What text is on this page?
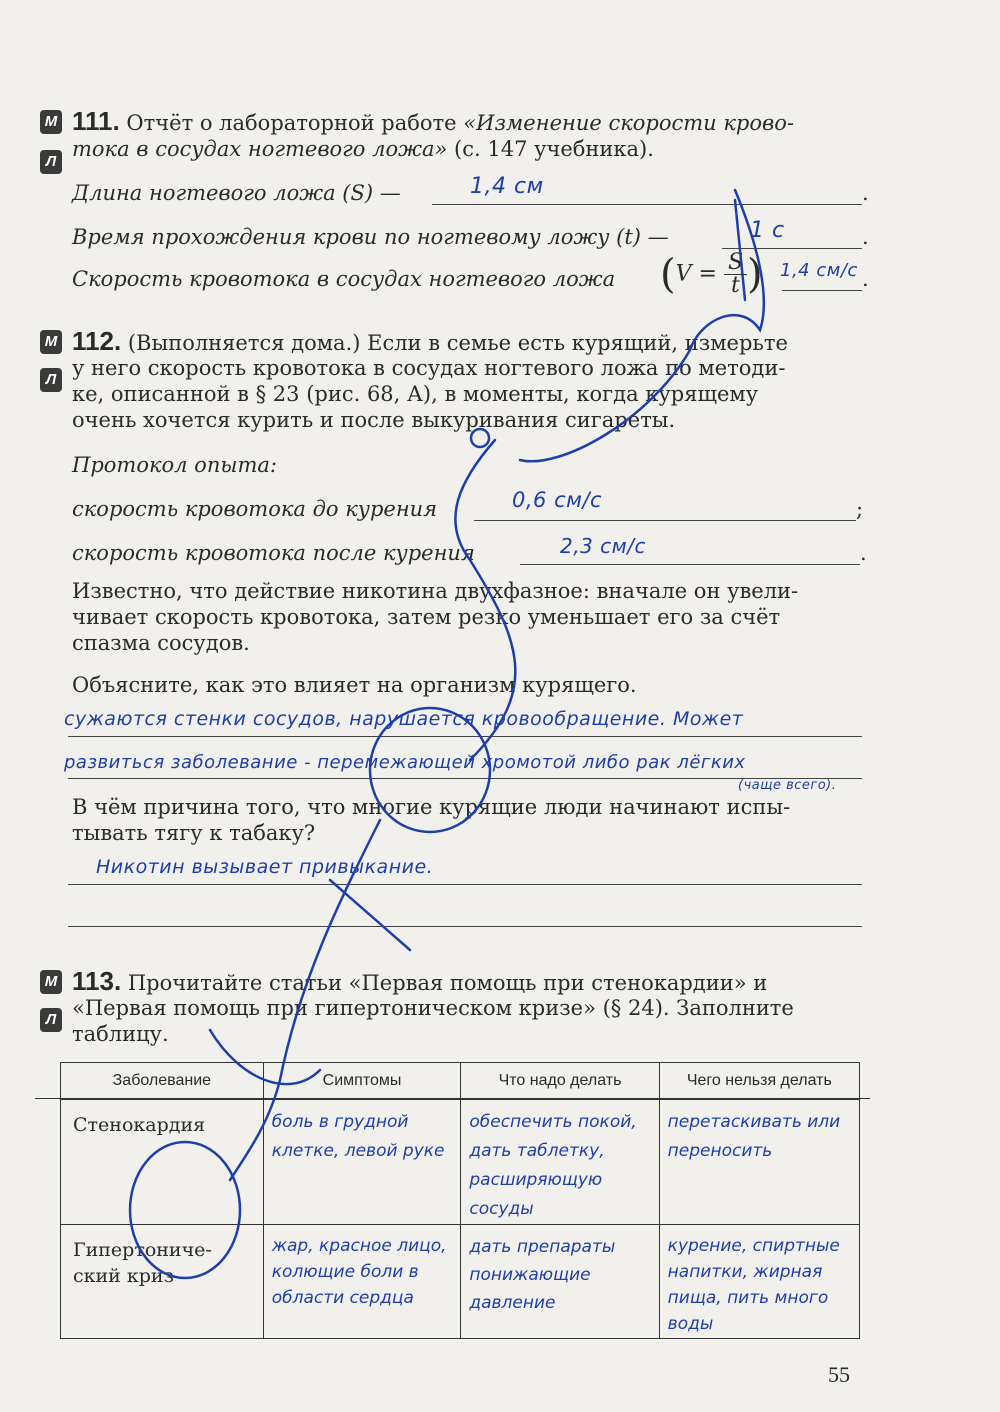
М
Л
111. Отчёт о лабораторной работе «Изменение скорости крово-
тока в сосудах ногтевого ложа» (с. 147 учебника).
Длина ногтевого ложа (S) —	1,4 см	.
Время прохождения крови по ногтевому ложу (t) —	1 с	.
Скорость кровотока в сосудах ногтевого ложа ($V = \frac{S}{t}$ ) 1,4 см/с .
М
Л
112. (Выполняется дома.) Если в семье есть курящий, измерьте
у него скорость кровотока в сосудах ногтевого ложа по методи-
ке, описанной в § 23 (рис. 68, А), в моменты, когда курящему
очень хочется курить и после выкуривания сигареты.
Протокол опыта:
скорость кровотока до курения	0,6 см/с	;
скорость кровотока после курения	2,3 см/с	.
Известно, что действие никотина двухфазное: вначале он увели-
чивает скорость кровотока, затем резко уменьшает его за счёт
спазма сосудов.
Объясните, как это влияет на организм курящего.
сужаются стенки сосудов, нарушается кровообращение. Может
развиться заболевание - перемежающей хромотой либо рак лёгких
(чаще всего).
В чём причина того, что многие курящие люди начинают испы-
тывать тягу к табаку?
Никотин вызывает привыкание.
М
Л
113. Прочитайте статьи «Первая помощь при стенокардии» и
«Первая помощь при гипертоническом кризе» (§ 24). Заполните
таблицу.
Заболевание	Симптомы	Что надо делать	Чего нельзя делать

Стенокардия	боль в грудной клетке, левой руке	обеспечить покой, дать таблетку, расширяющую сосуды	перетаскивать или переносить

Гипертониче-ский криз	жар, красное лицо, колющие боли в области сердца	дать препараты понижающие давление	курение, спиртные напитки, жирная пища, пить много воды
55
